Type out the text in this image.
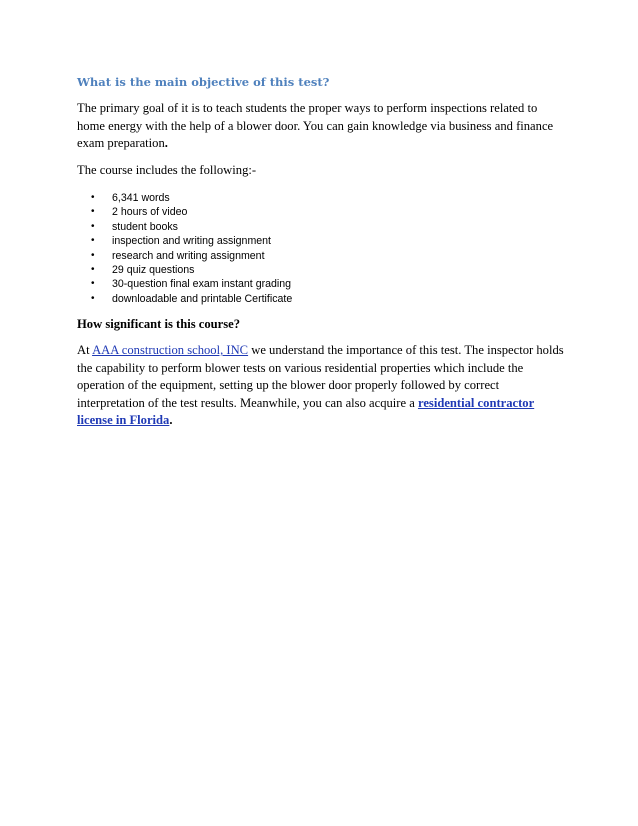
What is the main objective of this test?

The primary goal of it is to teach students the proper ways to perform inspections related to home energy with the help of a blower door. You can gain knowledge via business and finance exam preparation.

The course includes the following:-

• 6,341 words
• 2 hours of video
• student books
• inspection and writing assignment
• research and writing assignment
• 29 quiz questions
• 30-question final exam instant grading
• downloadable and printable Certificate
How significant is this course?

At AAA construction school, INC we understand the importance of this test. The inspector holds the capability to perform blower tests on various residential properties which include the operation of the equipment, setting up the blower door properly followed by correct interpretation of the test results. Meanwhile, you can also acquire a residential contractor license in Florida.
